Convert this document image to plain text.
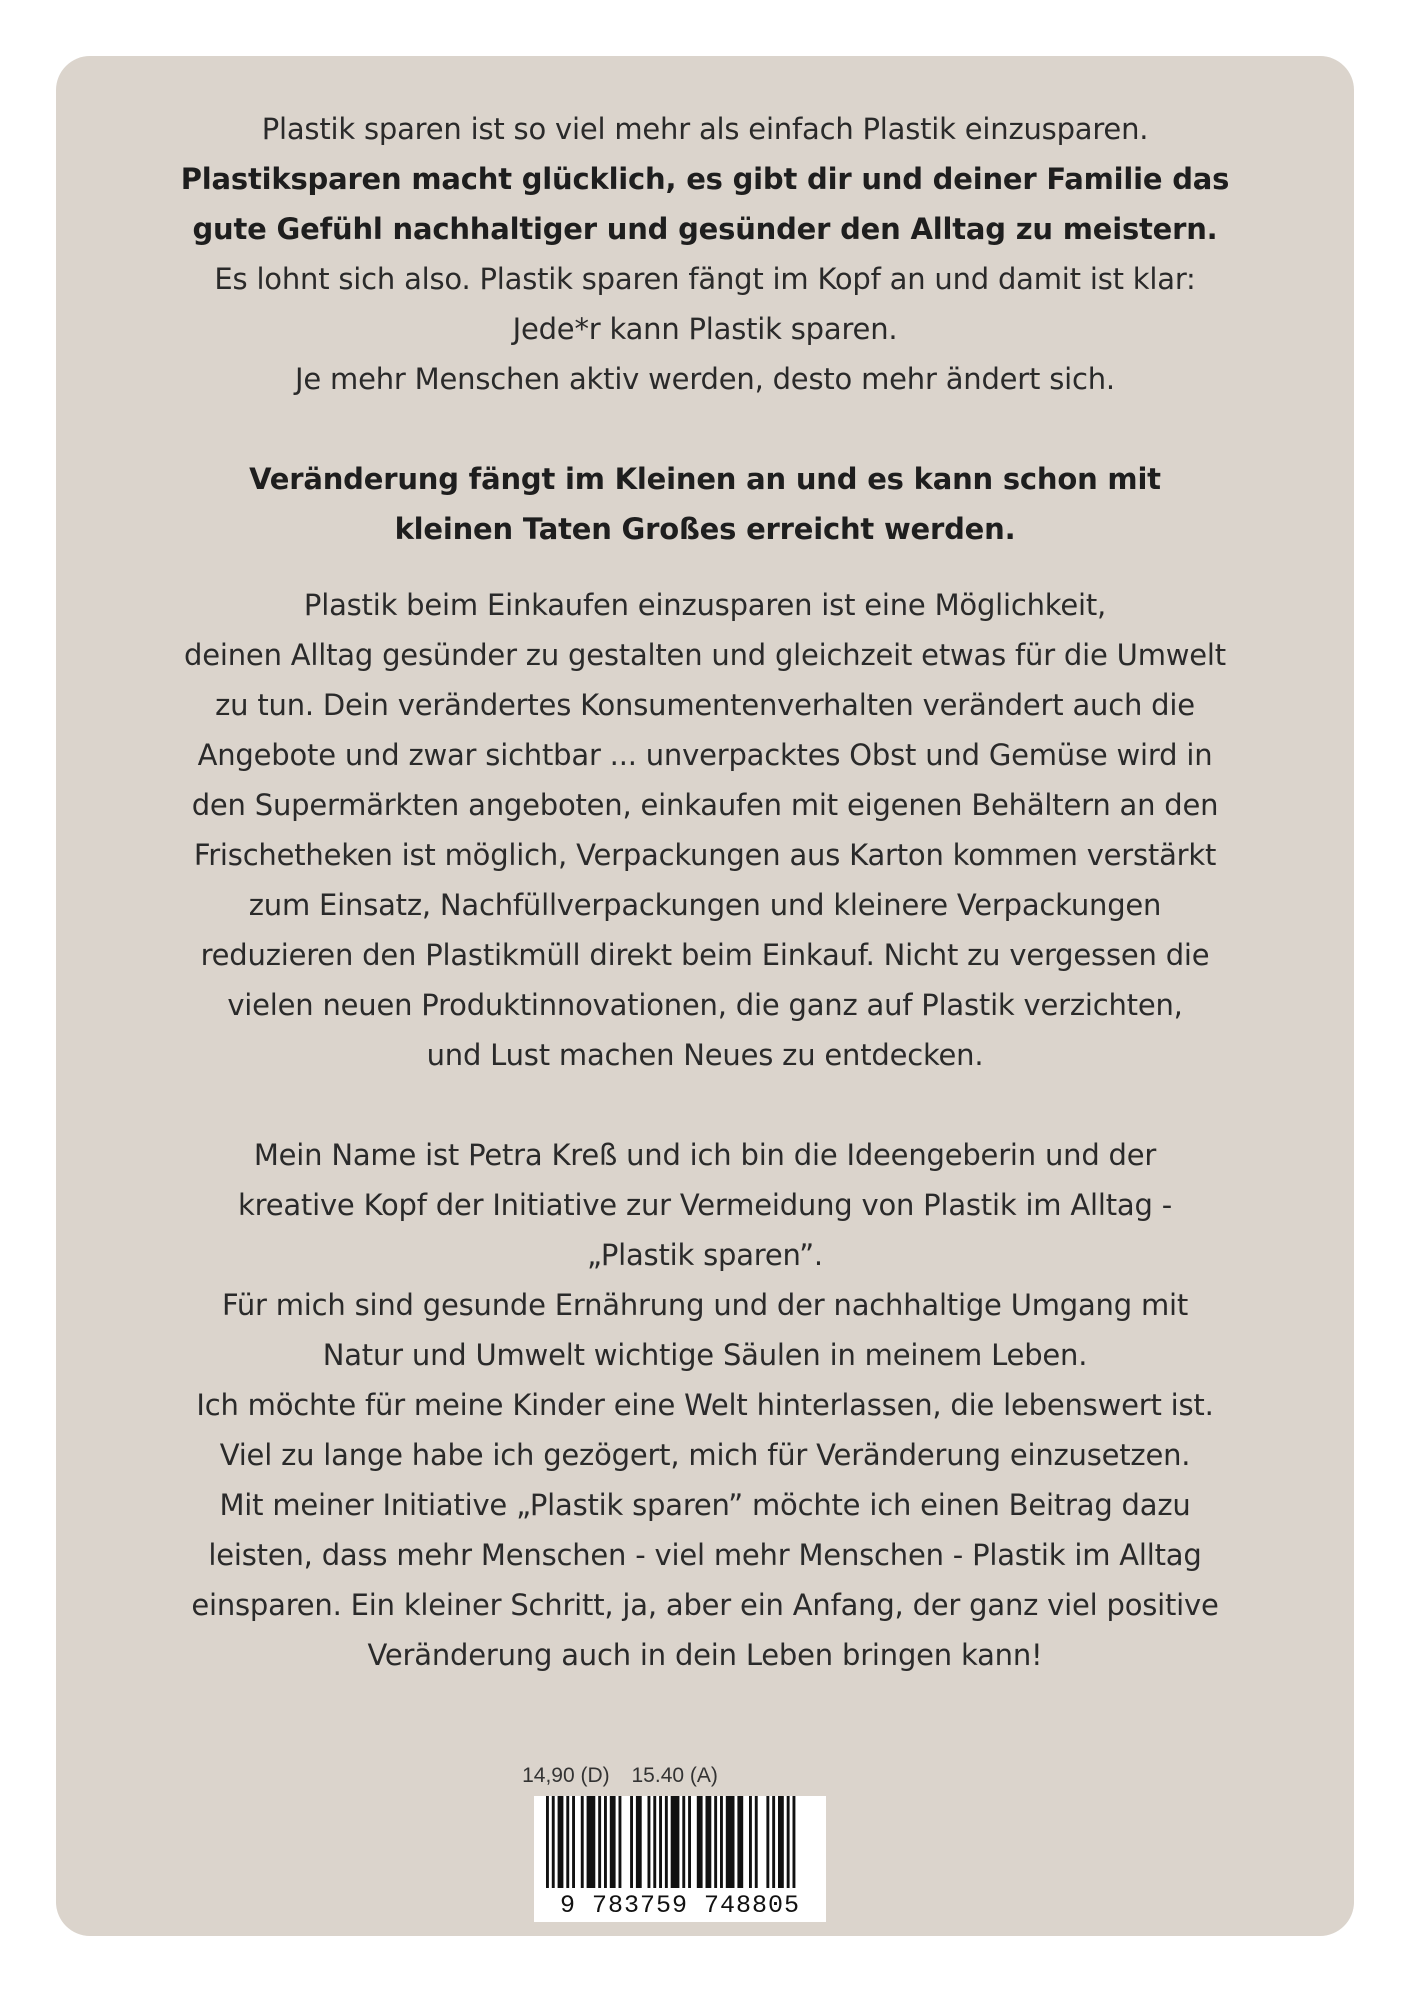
Plastik sparen ist so viel mehr als einfach Plastik einzusparen.
Plastiksparen macht glücklich, es gibt dir und deiner Familie das
gute Gefühl nachhaltiger und gesünder den Alltag zu meistern.
Es lohnt sich also. Plastik sparen fängt im Kopf an und damit ist klar:
Jede*r kann Plastik sparen.
Je mehr Menschen aktiv werden, desto mehr ändert sich.
Veränderung fängt im Kleinen an und es kann schon mit
kleinen Taten Großes erreicht werden.
Plastik beim Einkaufen einzusparen ist eine Möglichkeit,
deinen Alltag gesünder zu gestalten und gleichzeit etwas für die Umwelt
zu tun. Dein verändertes Konsumentenverhalten verändert auch die
Angebote und zwar sichtbar ... unverpacktes Obst und Gemüse wird in
den Supermärkten angeboten, einkaufen mit eigenen Behältern an den
Frischetheken ist möglich, Verpackungen aus Karton kommen verstärkt
zum Einsatz, Nachfüllverpackungen und kleinere Verpackungen
reduzieren den Plastikmüll direkt beim Einkauf. Nicht zu vergessen die
vielen neuen Produktinnovationen, die ganz auf Plastik verzichten,
und Lust machen Neues zu entdecken.
Mein Name ist Petra Kreß und ich bin die Ideengeberin und der
kreative Kopf der Initiative zur Vermeidung von Plastik im Alltag -
„Plastik sparen”.
Für mich sind gesunde Ernährung und der nachhaltige Umgang mit
Natur und Umwelt wichtige Säulen in meinem Leben.
Ich möchte für meine Kinder eine Welt hinterlassen, die lebenswert ist.
Viel zu lange habe ich gezögert, mich für Veränderung einzusetzen.
Mit meiner Initiative „Plastik sparen” möchte ich einen Beitrag dazu
leisten, dass mehr Menschen - viel mehr Menschen - Plastik im Alltag
einsparen. Ein kleiner Schritt, ja, aber ein Anfang, der ganz viel positive
Veränderung auch in dein Leben bringen kann!
14,90 (D) 15.40 (A)
9 783759 748805
